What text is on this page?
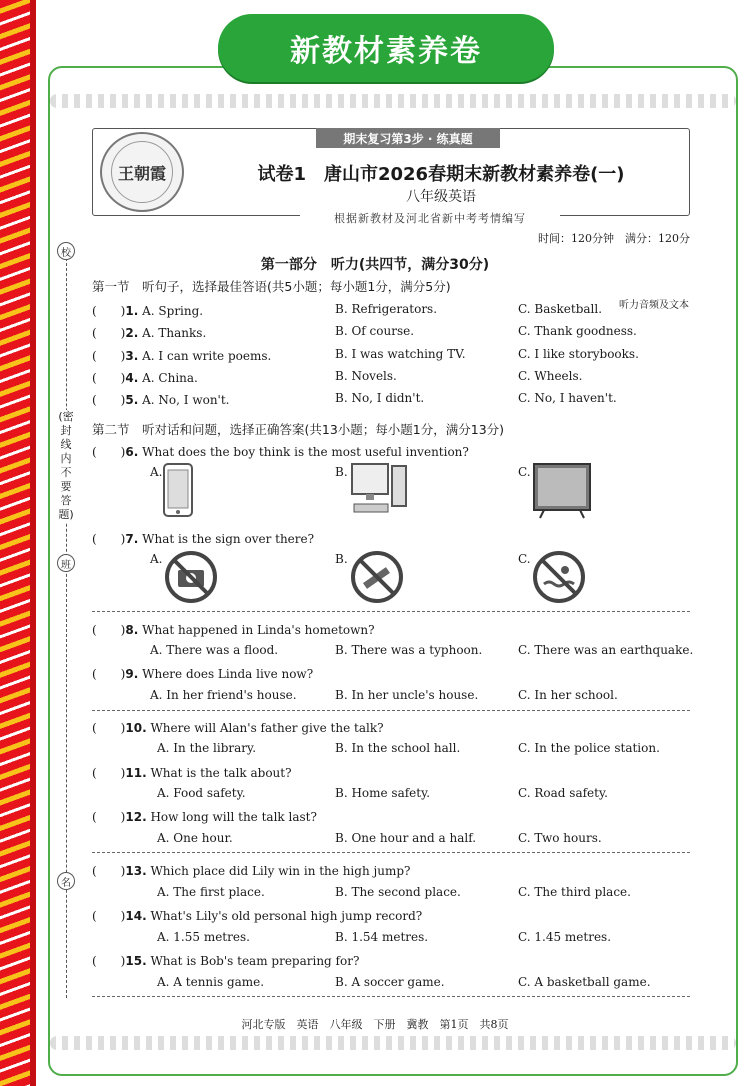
新教材素养卷
王朝霞
期末复习第3步 · 练真题
试卷1　唐山市2026春期末新教材素养卷(一)
八年级英语
根据新教材及河北省新中考考情编写
时间：120分钟　满分：120分
校
(密封线内不要答题)
班
名
第一部分　听力(共四节，满分30分)
第一节　听句子，选择最佳答语(共5小题；每小题1分，满分5分)
听力音频及文本
(　　)1. A. Spring.	B. Refrigerators.	C. Basketball.
(　　)2. A. Thanks.	B. Of course.	C. Thank goodness.
(　　)3. A. I can write poems.	B. I was watching TV.	C. I like storybooks.
(　　)4. A. China.	B. Novels.	C. Wheels.
(　　)5. A. No, I won't.	B. No, I didn't.	C. No, I haven't.
第二节　听对话和问题，选择正确答案(共13小题；每小题1分，满分13分)
(　　)6. What does the boy think is the most useful invention?
A.	B.	C.
(　　)7. What is the sign over there?
A.	B.	C.
(　　)8. What happened in Linda's hometown?
A. There was a flood.	B. There was a typhoon.	C. There was an earthquake.
(　　)9. Where does Linda live now?
A. In her friend's house.	B. In her uncle's house.	C. In her school.
(　　)10. Where will Alan's father give the talk?
A. In the library.	B. In the school hall.	C. In the police station.
(　　)11. What is the talk about?
A. Food safety.	B. Home safety.	C. Road safety.
(　　)12. How long will the talk last?
A. One hour.	B. One hour and a half.	C. Two hours.
(　　)13. Which place did Lily win in the high jump?
A. The first place.	B. The second place.	C. The third place.
(　　)14. What's Lily's old personal high jump record?
A. 1.55 metres.	B. 1.54 metres.	C. 1.45 metres.
(　　)15. What is Bob's team preparing for?
A. A tennis game.	B. A soccer game.	C. A basketball game.
河北专版　英语　八年级　下册　冀教　第1页　共8页
